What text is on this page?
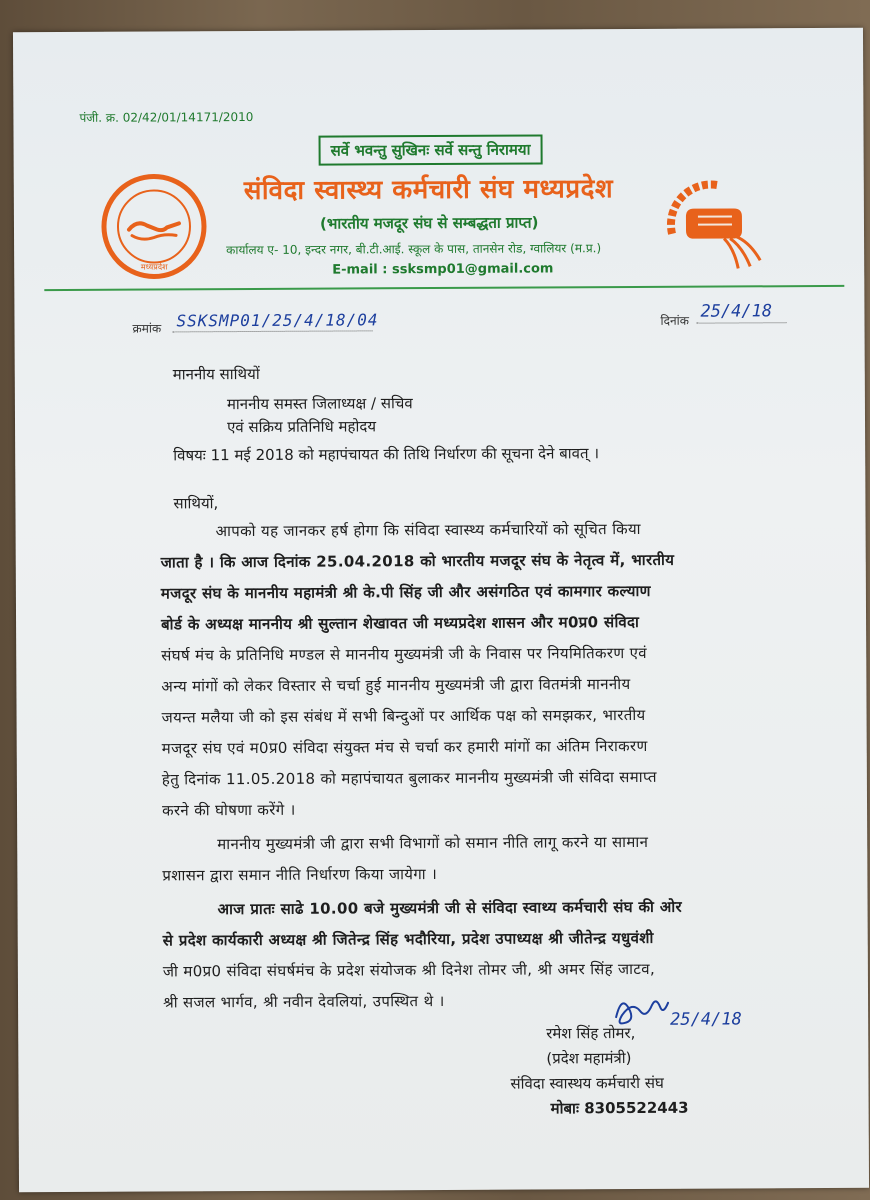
पंजी. क्र. 02/42/01/14171/2010
सर्वे भवन्तु सुखिनः सर्वे सन्तु निरामया
मध्यप्रदेश
संविदा स्वास्थ्य कर्मचारी संघ मध्यप्रदेश
(भारतीय मजदूर संघ से सम्बद्धता प्राप्त)
कार्यालय ए- 10, इन्दर नगर, बी.टी.आई. स्कूल के पास, तानसेन रोड, ग्वालियर (म.प्र.)
E-mail : ssksmp01@gmail.com
क्रमांक SSKSMP01/25/4/18/04	दिनांक 25/4/18
माननीय साथियों
माननीय समस्त जिलाध्यक्ष / सचिव
एवं सक्रिय प्रतिनिधि महोदय
विषयः 11 मई 2018 को महापंचायत की तिथि निर्धारण की सूचना देने बावत् ।
साथियों,
आपको यह जानकर हर्ष होगा कि संविदा स्वास्थ्य कर्मचारियों को सूचित किया
जाता है । कि आज दिनांक 25.04.2018 को भारतीय मजदूर संघ के नेतृत्व में, भारतीय
मजदूर संघ के माननीय महामंत्री श्री के.पी सिंह जी और असंगठित एवं कामगार कल्याण
बोर्ड के अध्यक्ष माननीय श्री सुल्तान शेखावत जी मध्यप्रदेश शासन और म0प्र0 संविदा
संघर्ष मंच के प्रतिनिधि मण्डल से माननीय मुख्यमंत्री जी के निवास पर नियमितिकरण एवं
अन्य मांगों को लेकर विस्तार से चर्चा हुई माननीय मुख्यमंत्री जी द्वारा वितमंत्री माननीय
जयन्त मलैया जी को इस संबंध में सभी बिन्दुओं पर आर्थिक पक्ष को समझकर, भारतीय
मजदूर संघ एवं म0प्र0 संविदा संयुक्त मंच से चर्चा कर हमारी मांगों का अंतिम निराकरण
हेतु दिनांक 11.05.2018 को महापंचायत बुलाकर माननीय मुख्यमंत्री जी संविदा समाप्त
करने की घोषणा करेंगे ।
माननीय मुख्यमंत्री जी द्वारा सभी विभागों को समान नीति लागू करने या सामान
प्रशासन द्वारा समान नीति निर्धारण किया जायेगा ।
आज प्रातः साढे 10.00 बजे मुख्यमंत्री जी से संविदा स्वाथ्य कर्मचारी संघ की ओर
से प्रदेश कार्यकारी अध्यक्ष श्री जितेन्द्र सिंह भदौरिया, प्रदेश उपाध्यक्ष श्री जीतेन्द्र यधुवंशी
जी म0प्र0 संविदा संघर्षमंच के प्रदेश संयोजक श्री दिनेश तोमर जी, श्री अमर सिंह जाटव,
श्री सजल भार्गव, श्री नवीन देवलियां, उपस्थित थे ।
25/4/18
रमेश सिंह तोमर,
(प्रदेश महामंत्री)
संविदा स्वास्थय कर्मचारी संघ
मोबाः 8305522443
